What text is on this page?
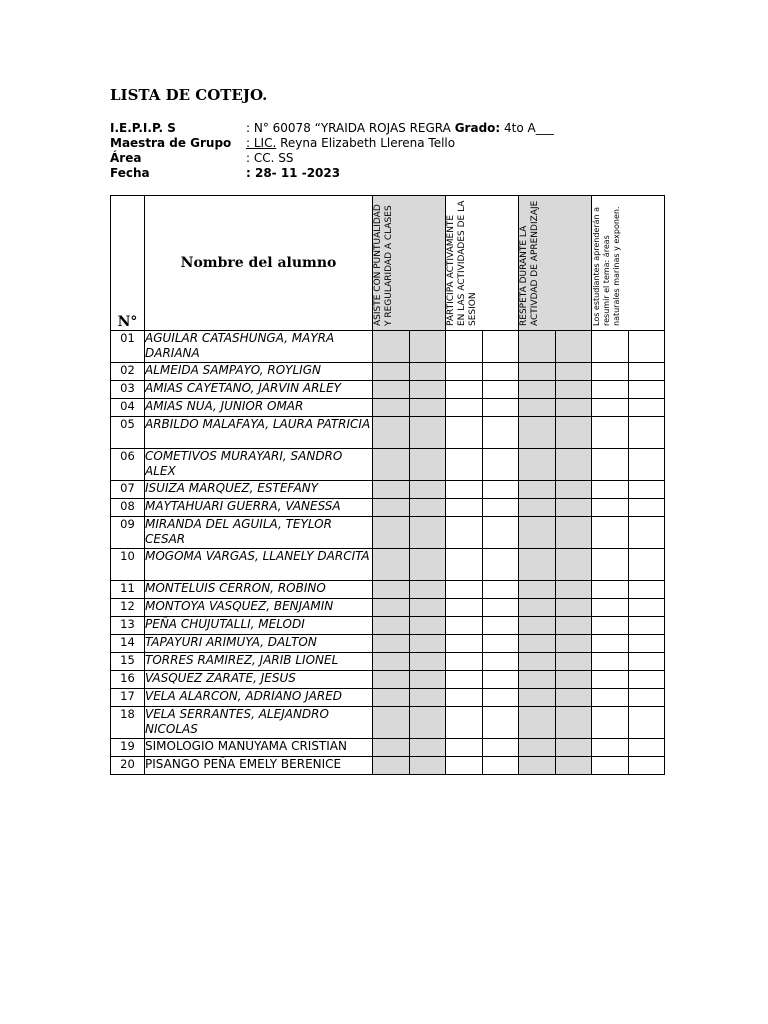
LISTA DE COTEJO.
I.E.P.I.P. S	: N° 60078 “YRAIDA ROJAS REGRA Grado: 4to A___
Maestra de Grupo	: LIC. Reyna Elizabeth Llerena Tello
Área	: CC. SS
Fecha	: 28- 11 -2023
N°	Nombre del alumno	ASISTE CON PUNTUALIDAD Y REGULARIDAD A CLASES		PARTICIPA ACTIVAMENTE EN LAS ACTIVIDADES DE LA SESION		RESPETA DURANTE LA ACTIVDAD DE APRENDIZAJE		Los estudiantes aprenderán a resumir el tema: áreas naturales marinas y exponen.	

01	AGUILAR CATASHUNGA, MAYRA DARIANA								
02	ALMEIDA SAMPAYO, ROYLIGN								
03	AMIAS CAYETANO, JARVIN ARLEY								
04	AMIAS NUA, JUNIOR OMAR								
05	ARBILDO MALAFAYA, LAURA PATRICIA								
06	COMETIVOS MURAYARI, SANDRO ALEX								
07	ISUIZA MARQUEZ, ESTEFANY								
08	MAYTAHUARI GUERRA, VANESSA								
09	MIRANDA DEL AGUILA, TEYLOR CESAR								
10	MOGOMA VARGAS, LLANELY DARCITA								
11	MONTELUIS CERRON, ROBINO								
12	MONTOYA VASQUEZ, BENJAMIN								
13	PEÑA CHUJUTALLI, MELODI								
14	TAPAYURI ARIMUYA, DALTON								
15	TORRES RAMIREZ, JARIB LIONEL								
16	VASQUEZ ZARATE, JESUS								
17	VELA ALARCON, ADRIANO JARED								
18	VELA SERRANTES, ALEJANDRO NICOLAS								
19	SIMOLOGIO MANUYAMA CRISTIAN								
20	PISANGO PEÑA EMELY BERENICE								
